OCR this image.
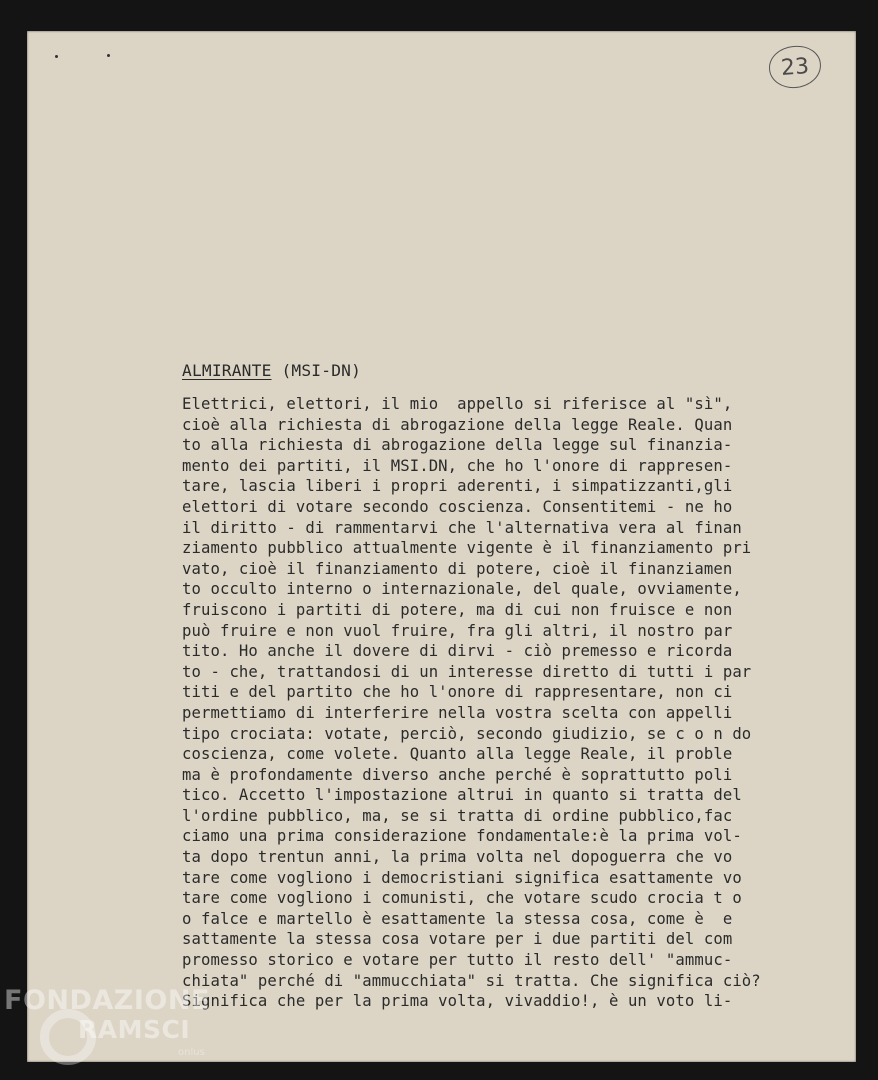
23
ALMIRANTE (MSI-DN)
Elettrici, elettori, il mio  appello si riferisce al "sì",
cioè alla richiesta di abrogazione della legge Reale. Quan
to alla richiesta di abrogazione della legge sul finanzia-
mento dei partiti, il MSI.DN, che ho l'onore di rappresen-
tare, lascia liberi i propri aderenti, i simpatizzanti,gli
elettori di votare secondo coscienza. Consentitemi - ne ho
il diritto - di rammentarvi che l'alternativa vera al finan
ziamento pubblico attualmente vigente è il finanziamento pri
vato, cioè il finanziamento di potere, cioè il finanziamen
to occulto interno o internazionale, del quale, ovviamente,
fruiscono i partiti di potere, ma di cui non fruisce e non
può fruire e non vuol fruire, fra gli altri, il nostro par
tito. Ho anche il dovere di dirvi - ciò premesso e ricorda
to - che, trattandosi di un interesse diretto di tutti i par
titi e del partito che ho l'onore di rappresentare, non ci
permettiamo di interferire nella vostra scelta con appelli
tipo crociata: votate, perciò, secondo giudizio, se c o n do
coscienza, come volete. Quanto alla legge Reale, il proble
ma è profondamente diverso anche perché è soprattutto poli
tico. Accetto l'impostazione altrui in quanto si tratta del
l'ordine pubblico, ma, se si tratta di ordine pubblico,fac
ciamo una prima considerazione fondamentale:è la prima vol-
ta dopo trentun anni, la prima volta nel dopoguerra che vo
tare come vogliono i democristiani significa esattamente vo
tare come vogliono i comunisti, che votare scudo crocia t o
o falce e martello è esattamente la stessa cosa, come è  e
sattamente la stessa cosa votare per i due partiti del com
promesso storico e votare per tutto il resto dell' "ammuc-
chiata" perché di "ammucchiata" si tratta. Che significa ciò?
Significa che per la prima volta, vivaddio!, è un voto li-
FONDAZIONE
RAMSCI
onlus
